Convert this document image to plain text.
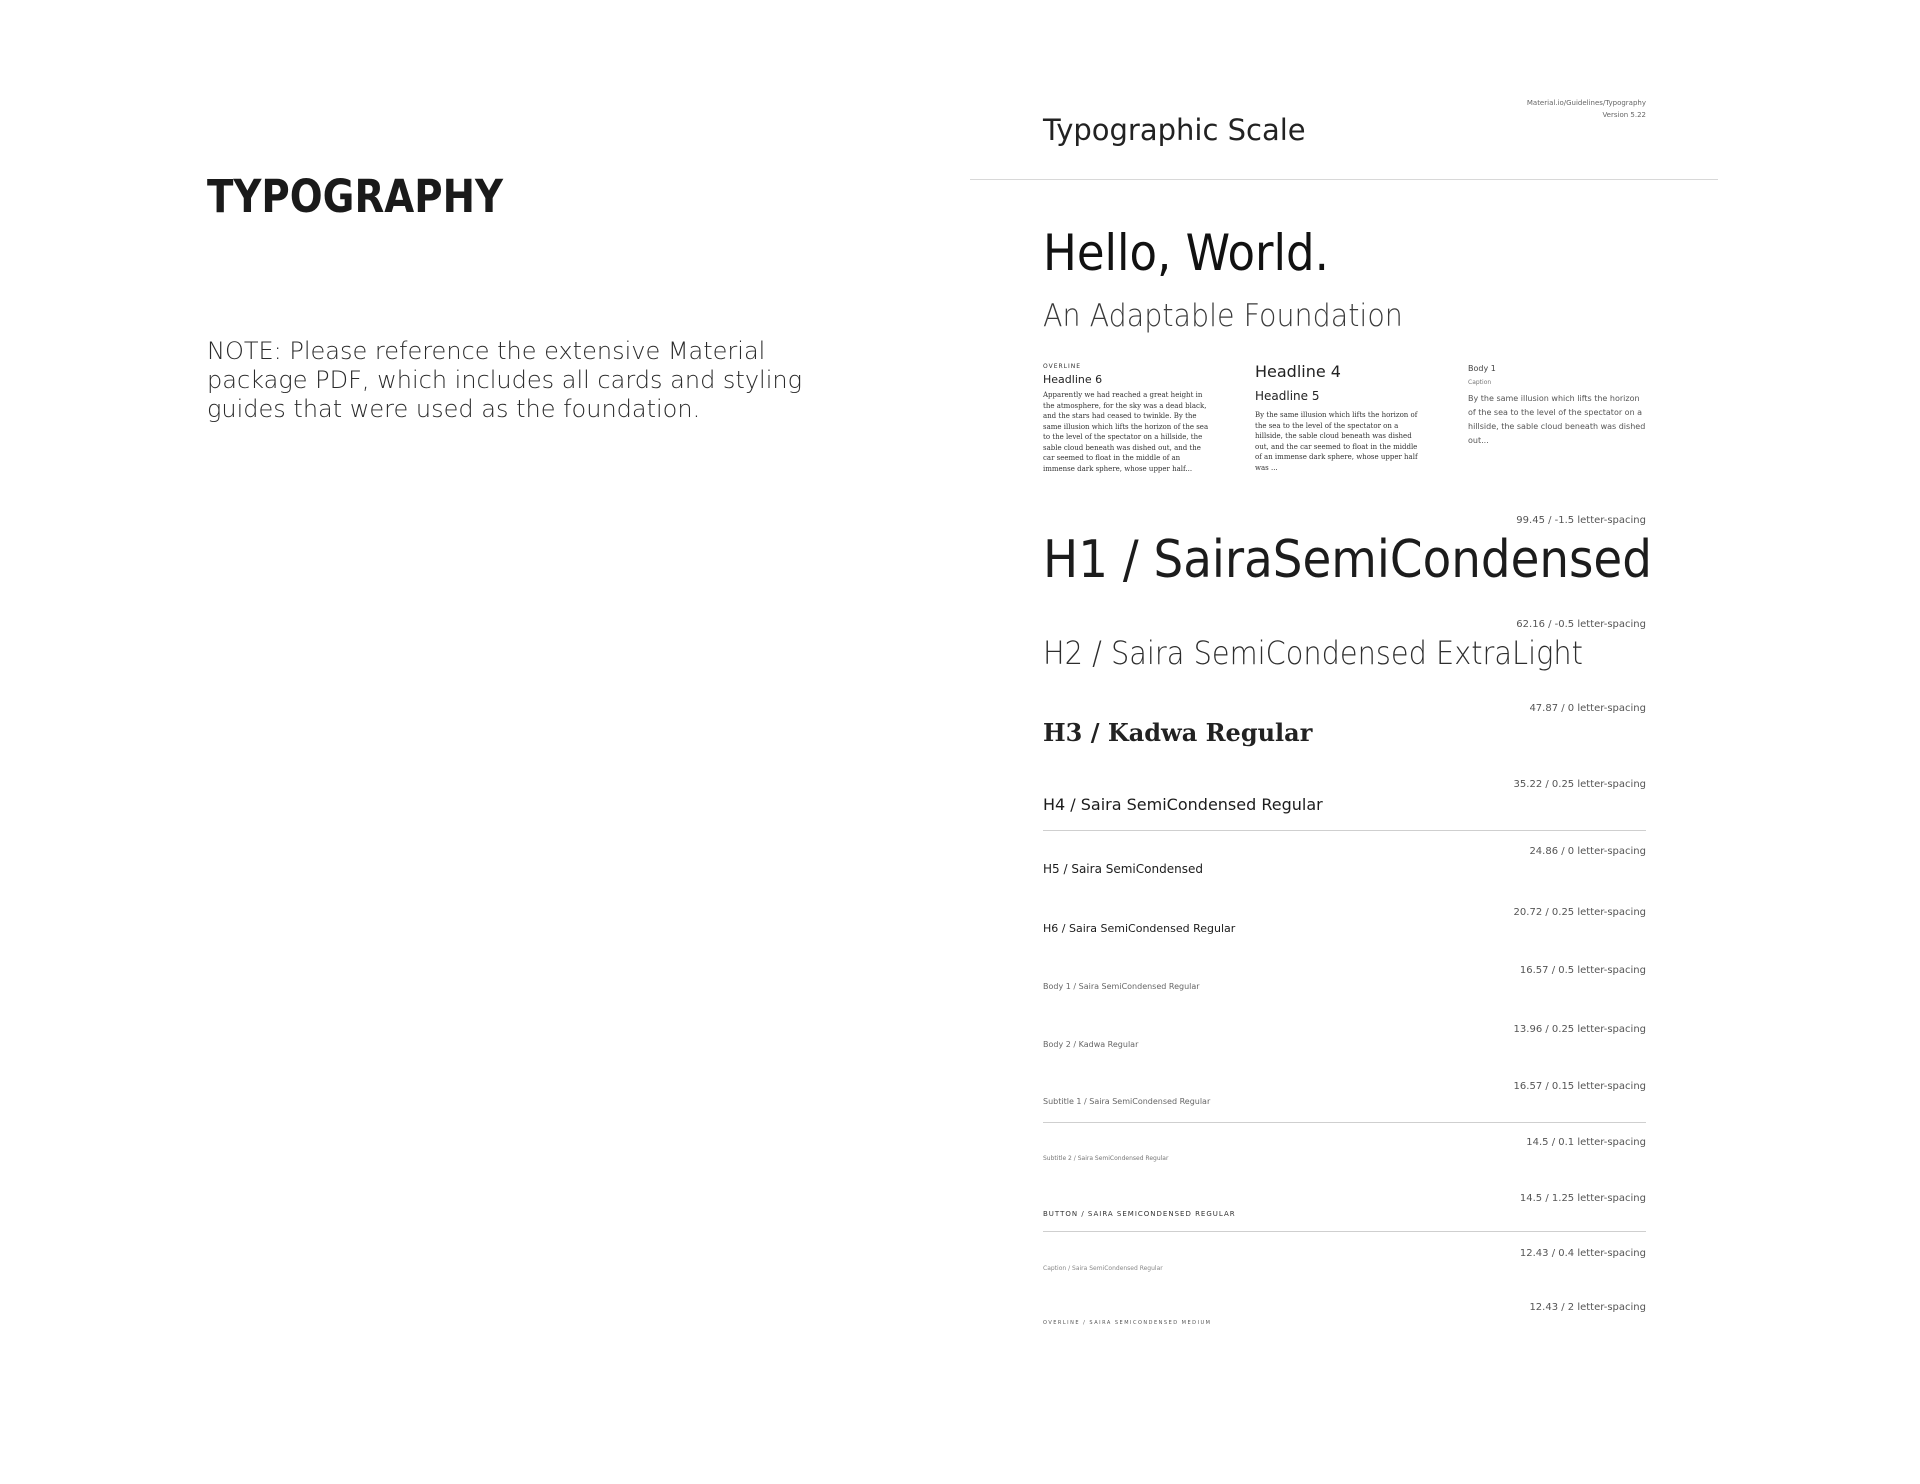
TYPOGRAPHY
NOTE: Please reference the extensive Material package PDF, which includes all cards and styling guides that were used as the foundation.
Material.io/Guidelines/Typography
Version 5.22
Typographic Scale
Hello, World.
An Adaptable Foundation
OVERLINE
Headline 6
Apparently we had reached a great height in the atmosphere, for the sky was a dead black, and the stars had ceased to twinkle. By the same illusion which lifts the horizon of the sea to the level of the spectator on a hillside, the sable cloud beneath was dished out, and the car seemed to float in the middle of an immense dark sphere, whose upper half...
Headline 4
Headline 5
By the same illusion which lifts the horizon of the sea to the level of the spectator on a hillside, the sable cloud beneath was dished out, and the car seemed to float in the middle of an immense dark sphere, whose upper half was ...
Body 1
Caption
By the same illusion which lifts the horizon of the sea to the level of the spectator on a hillside, the sable cloud beneath was dished out...
99.45 / -1.5 letter-spacing
H1 / SairaSemiCondensed
62.16 / -0.5 letter-spacing
H2 / Saira SemiCondensed ExtraLight
47.87 / 0 letter-spacing
H3 / Kadwa Regular
35.22 / 0.25 letter-spacing
H4 / Saira SemiCondensed Regular
24.86 / 0 letter-spacing
H5 / Saira SemiCondensed
20.72 / 0.25 letter-spacing
H6 / Saira SemiCondensed Regular
16.57 / 0.5 letter-spacing
Body 1 / Saira SemiCondensed Regular
13.96 / 0.25 letter-spacing
Body 2 / Kadwa Regular
16.57 / 0.15 letter-spacing
Subtitle 1 / Saira SemiCondensed Regular
14.5 / 0.1 letter-spacing
Subtitle 2 / Saira SemiCondensed Regular
14.5 / 1.25 letter-spacing
BUTTON / SAIRA SEMICONDENSED REGULAR
12.43 / 0.4 letter-spacing
Caption / Saira SemiCondensed Regular
12.43 / 2 letter-spacing
OVERLINE / SAIRA SEMICONDENSED MEDIUM
